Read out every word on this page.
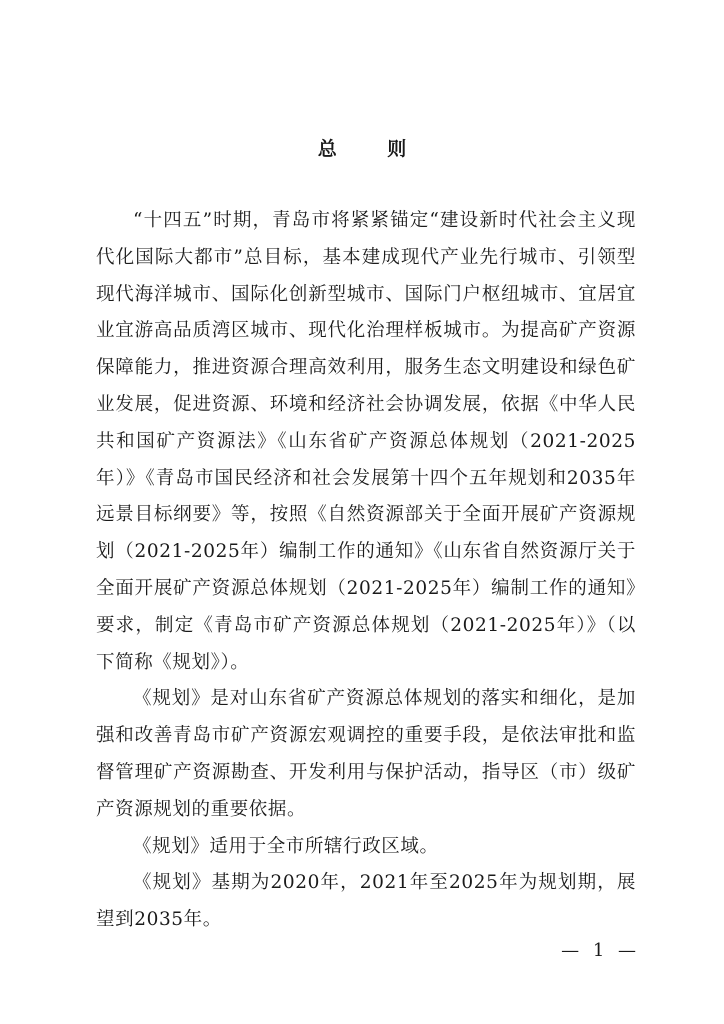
总 则

“十四五”时期，青岛市将紧紧锚定“建设新时代社会主义现代化国际大都市”总目标，基本建成现代产业先行城市、引领型现代海洋城市、国际化创新型城市、国际门户枢纽城市、宜居宜业宜游高品质湾区城市、现代化治理样板城市。为提高矿产资源保障能力，推进资源合理高效利用，服务生态文明建设和绿色矿业发展，促进资源、环境和经济社会协调发展，依据《中华人民共和国矿产资源法》《山东省矿产资源总体规划（2021-2025年）》《青岛市国民经济和社会发展第十四个五年规划和2035年远景目标纲要》等，按照《自然资源部关于全面开展矿产资源规划（2021-2025年）编制工作的通知》《山东省自然资源厅关于全面开展矿产资源总体规划（2021-2025年）编制工作的通知》要求，制定《青岛市矿产资源总体规划（2021-2025年）》（以下简称《规划》）。

《规划》是对山东省矿产资源总体规划的落实和细化，是加强和改善青岛市矿产资源宏观调控的重要手段，是依法审批和监督管理矿产资源勘查、开发利用与保护活动，指导区（市）级矿产资源规划的重要依据。

《规划》适用于全市所辖行政区域。

《规划》基期为2020年，2021年至2025年为规划期，展望到2035年。

— 1 —
